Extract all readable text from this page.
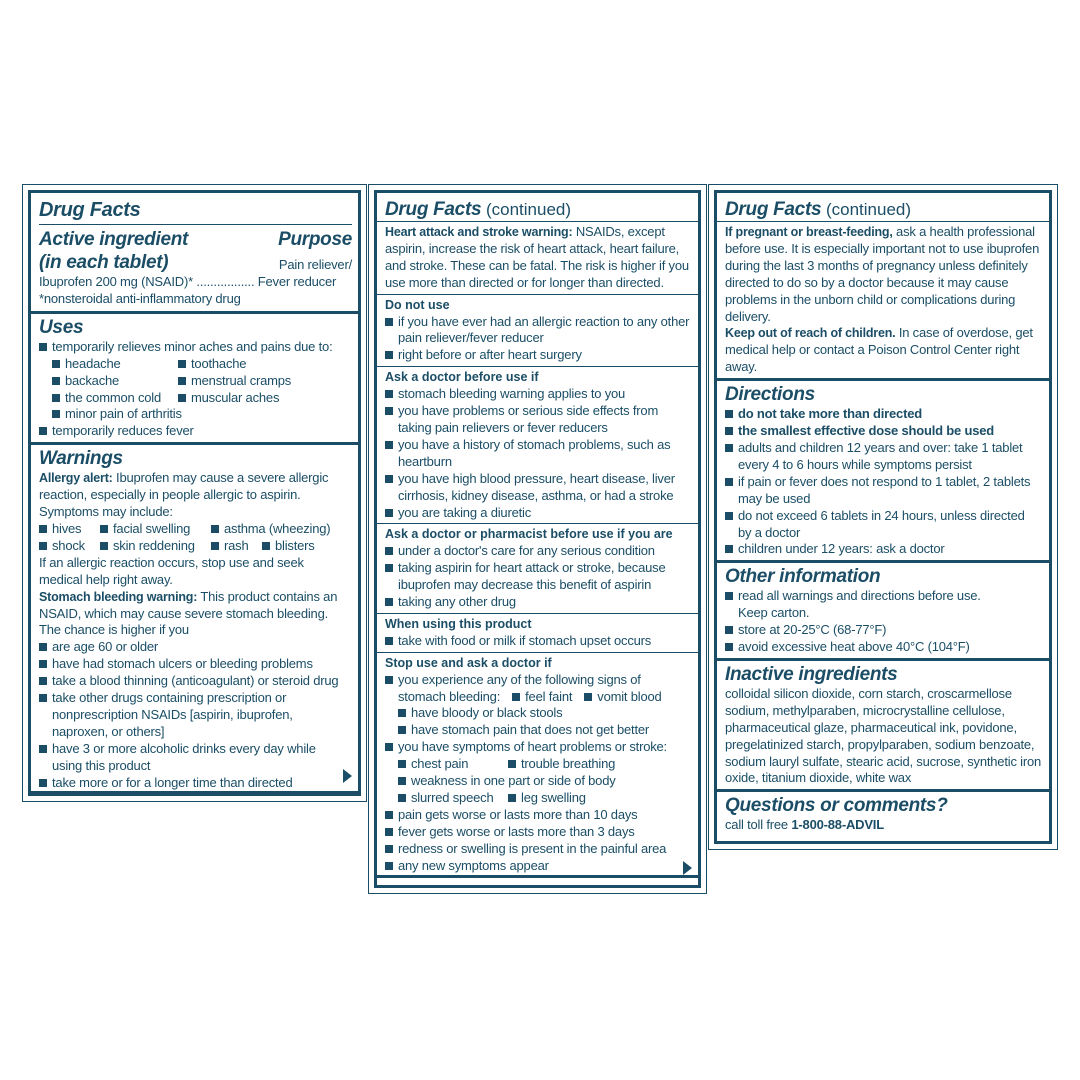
Drug Facts
Active ingredient	Purpose
(in each tablet)	Pain reliever/
Ibuprofen 200 mg (NSAID)* ................. Fever reducer
*nonsteroidal anti-inflammatory drug
Uses
temporarily relieves minor aches and pains due to:
headache	toothache
backache	menstrual cramps
the common cold	muscular aches
minor pain of arthritis
temporarily reduces fever
Warnings
Allergy alert: Ibuprofen may cause a severe allergic
reaction, especially in people allergic to aspirin.
Symptoms may include:
hives	facial swelling	asthma (wheezing)
shock	skin reddening	rash	blisters
If an allergic reaction occurs, stop use and seek
medical help right away.
Stomach bleeding warning: This product contains an
NSAID, which may cause severe stomach bleeding.
The chance is higher if you
are age 60 or older
have had stomach ulcers or bleeding problems
take a blood thinning (anticoagulant) or steroid drug
take other drugs containing prescription or nonprescription NSAIDs [aspirin, ibuprofen, naproxen, or others]
have 3 or more alcoholic drinks every day while using this product
take more or for a longer time than directed
Drug Facts (continued)
Heart attack and stroke warning: NSAIDs, except aspirin, increase the risk of heart attack, heart failure, and stroke. These can be fatal. The risk is higher if you use more than directed or for longer than directed.
Do not use
if you have ever had an allergic reaction to any other pain reliever/fever reducer
right before or after heart surgery
Ask a doctor before use if
stomach bleeding warning applies to you
you have problems or serious side effects from taking pain relievers or fever reducers
you have a history of stomach problems, such as heartburn
you have high blood pressure, heart disease, liver cirrhosis, kidney disease, asthma, or had a stroke
you are taking a diuretic
Ask a doctor or pharmacist before use if you are
under a doctor's care for any serious condition
taking aspirin for heart attack or stroke, because ibuprofen may decrease this benefit of aspirin
taking any other drug
When using this product
take with food or milk if stomach upset occurs
Stop use and ask a doctor if
you experience any of the following signs of
stomach bleeding:	feel faint	vomit blood
have bloody or black stools
have stomach pain that does not get better
you have symptoms of heart problems or stroke:
chest pain	trouble breathing
weakness in one part or side of body
slurred speech	leg swelling
pain gets worse or lasts more than 10 days
fever gets worse or lasts more than 3 days
redness or swelling is present in the painful area
any new symptoms appear
Drug Facts (continued)
If pregnant or breast-feeding, ask a health professional before use. It is especially important not to use ibuprofen during the last 3 months of pregnancy unless definitely directed to do so by a doctor because it may cause problems in the unborn child or complications during delivery.
Keep out of reach of children. In case of overdose, get medical help or contact a Poison Control Center right away.
Directions
do not take more than directed
the smallest effective dose should be used
adults and children 12 years and over: take 1 tablet every 4 to 6 hours while symptoms persist
if pain or fever does not respond to 1 tablet, 2 tablets may be used
do not exceed 6 tablets in 24 hours, unless directed by a doctor
children under 12 years: ask a doctor
Other information
read all warnings and directions before use. Keep carton.
store at 20-25°C (68-77°F)
avoid excessive heat above 40°C (104°F)
Inactive ingredients
colloidal silicon dioxide, corn starch, croscarmellose sodium, methylparaben, microcrystalline cellulose, pharmaceutical glaze, pharmaceutical ink, povidone, pregelatinized starch, propylparaben, sodium benzoate, sodium lauryl sulfate, stearic acid, sucrose, synthetic iron oxide, titanium dioxide, white wax
Questions or comments?
call toll free 1-800-88-ADVIL
